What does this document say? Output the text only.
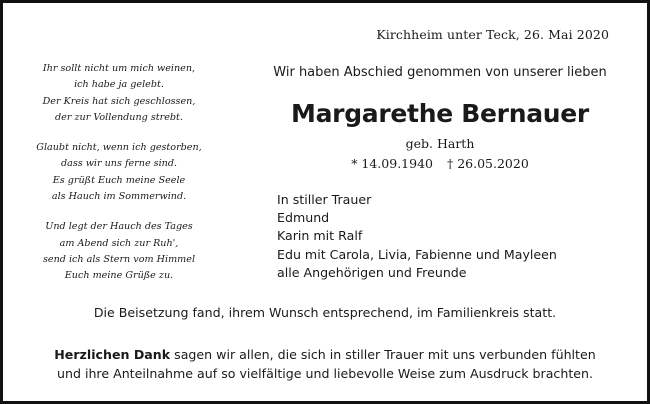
Kirchheim unter Teck, 26. Mai 2020
Ihr sollt nicht um mich weinen,
ich habe ja gelebt.
Der Kreis hat sich geschlossen,
der zur Vollendung strebt.
Glaubt nicht, wenn ich gestorben,
dass wir uns ferne sind.
Es grüßt Euch meine Seele
als Hauch im Sommerwind.
Und legt der Hauch des Tages
am Abend sich zur Ruh',
send ich als Stern vom Himmel
Euch meine Grüße zu.
Wir haben Abschied genommen von unserer lieben
Margarethe Bernauer
geb. Harth
* 14.09.1940 † 26.05.2020
In stiller Trauer
Edmund
Karin mit Ralf
Edu mit Carola, Livia, Fabienne und Mayleen
alle Angehörigen und Freunde
Die Beisetzung fand, ihrem Wunsch entsprechend, im Familienkreis statt.
Herzlichen Dank sagen wir allen, die sich in stiller Trauer mit uns verbunden fühlten
und ihre Anteilnahme auf so vielfältige und liebevolle Weise zum Ausdruck brachten.
